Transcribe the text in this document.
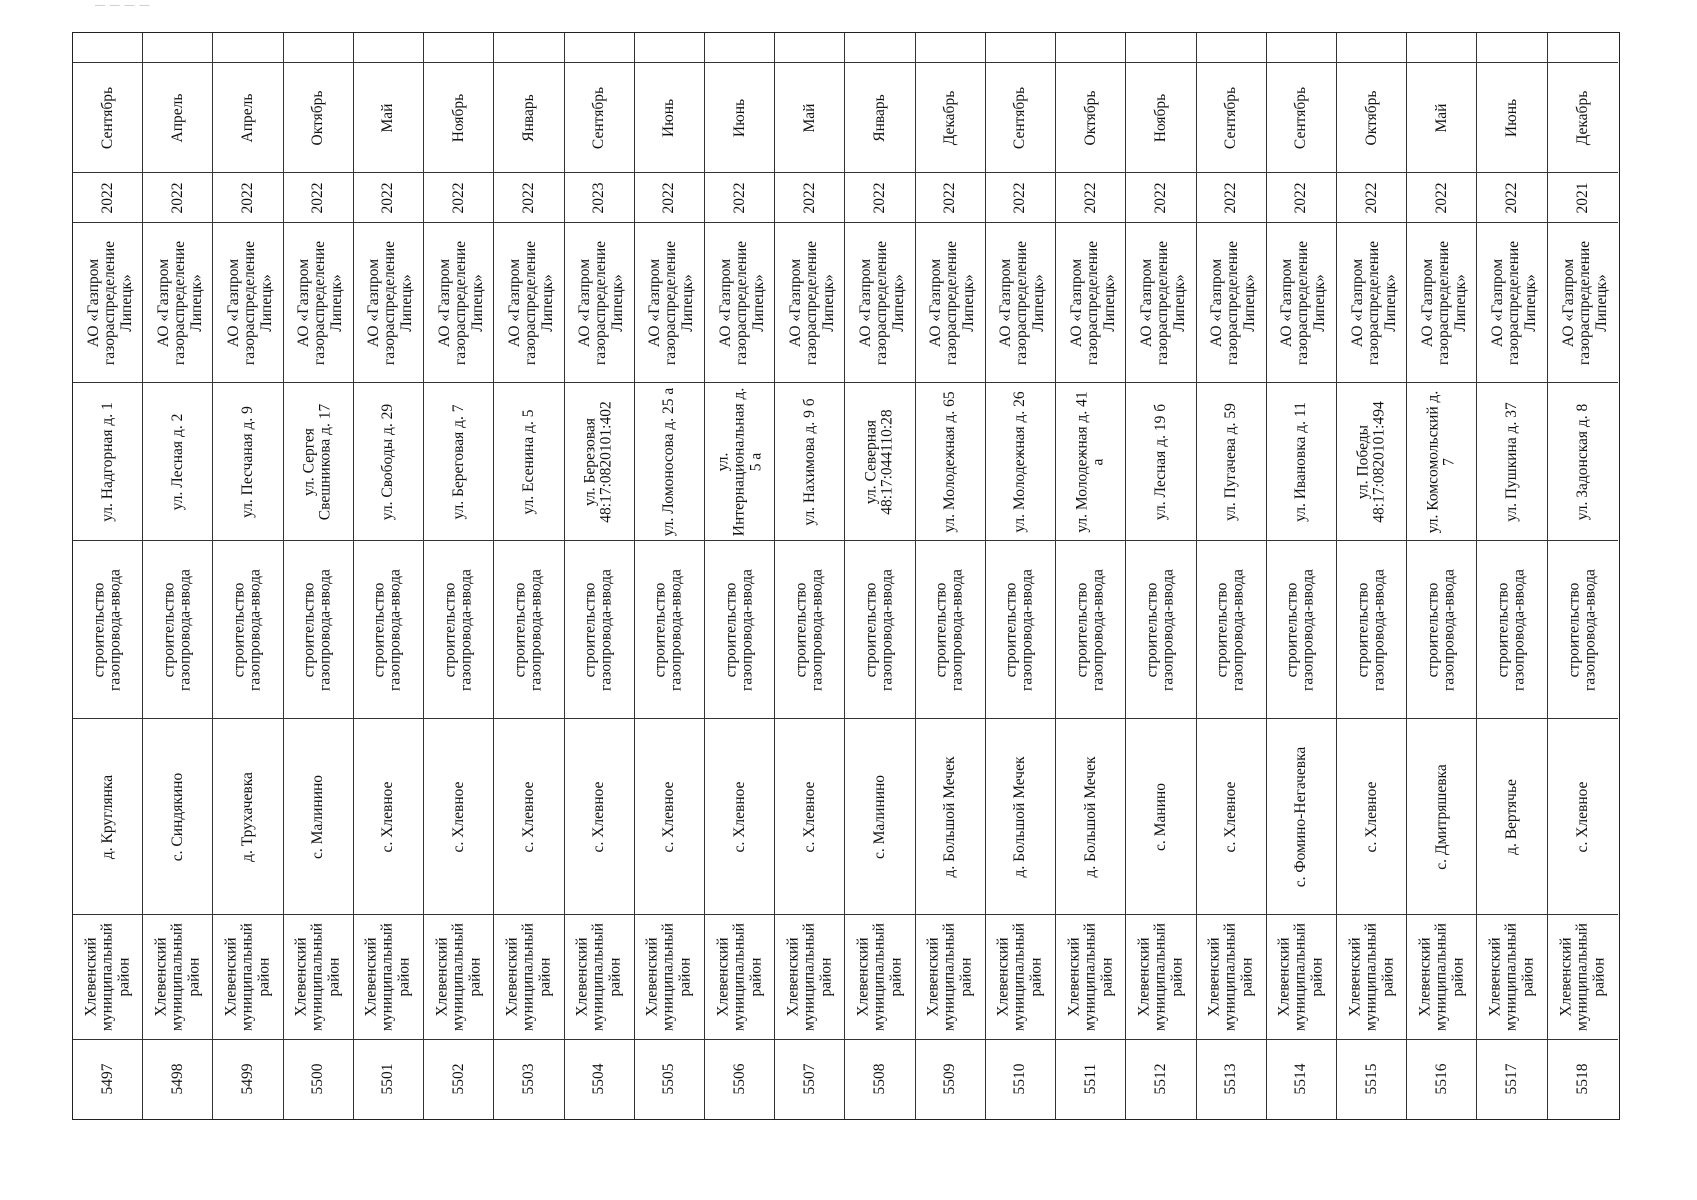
— — — —
Сентябрь
2022
АО «Газпром газораспределение Липецк»
ул. Надгорная д. 1
строительство газопровода-ввода
д. Круглянка
Хлевенский муниципальный район
5497
Апрель
2022
АО «Газпром газораспределение Липецк»
ул. Лесная д. 2
строительство газопровода-ввода
с. Синдякино
Хлевенский муниципальный район
5498
Апрель
2022
АО «Газпром газораспределение Липецк»
ул. Песчаная д. 9
строительство газопровода-ввода
д. Трухачевка
Хлевенский муниципальный район
5499
Октябрь
2022
АО «Газпром газораспределение Липецк»
ул. Сергея Свешникова д. 17
строительство газопровода-ввода
с. Малинино
Хлевенский муниципальный район
5500
Май
2022
АО «Газпром газораспределение Липецк»
ул. Свободы д. 29
строительство газопровода-ввода
с. Хлевное
Хлевенский муниципальный район
5501
Ноябрь
2022
АО «Газпром газораспределение Липецк»
ул. Береговая д. 7
строительство газопровода-ввода
с. Хлевное
Хлевенский муниципальный район
5502
Январь
2022
АО «Газпром газораспределение Липецк»
ул. Есенина д. 5
строительство газопровода-ввода
с. Хлевное
Хлевенский муниципальный район
5503
Сентябрь
2023
АО «Газпром газораспределение Липецк»
ул. Березовая 48:17:0820101:402
строительство газопровода-ввода
с. Хлевное
Хлевенский муниципальный район
5504
Июнь
2022
АО «Газпром газораспределение Липецк»
ул. Ломоносова д. 25 а
строительство газопровода-ввода
с. Хлевное
Хлевенский муниципальный район
5505
Июнь
2022
АО «Газпром газораспределение Липецк»
ул. Интернациональная д. 5 а
строительство газопровода-ввода
с. Хлевное
Хлевенский муниципальный район
5506
Май
2022
АО «Газпром газораспределение Липецк»
ул. Нахимова д. 9 б
строительство газопровода-ввода
с. Хлевное
Хлевенский муниципальный район
5507
Январь
2022
АО «Газпром газораспределение Липецк»
ул. Северная 48:17:044110:28
строительство газопровода-ввода
с. Малинино
Хлевенский муниципальный район
5508
Декабрь
2022
АО «Газпром газораспределение Липецк»
ул. Молодежная д. 65
строительство газопровода-ввода
д. Большой Мечек
Хлевенский муниципальный район
5509
Сентябрь
2022
АО «Газпром газораспределение Липецк»
ул. Молодежная д. 26
строительство газопровода-ввода
д. Большой Мечек
Хлевенский муниципальный район
5510
Октябрь
2022
АО «Газпром газораспределение Липецк»
ул. Молодежная д. 41 а
строительство газопровода-ввода
д. Большой Мечек
Хлевенский муниципальный район
5511
Ноябрь
2022
АО «Газпром газораспределение Липецк»
ул. Лесная д. 19 б
строительство газопровода-ввода
с. Манино
Хлевенский муниципальный район
5512
Сентябрь
2022
АО «Газпром газораспределение Липецк»
ул. Пугачева д. 59
строительство газопровода-ввода
с. Хлевное
Хлевенский муниципальный район
5513
Сентябрь
2022
АО «Газпром газораспределение Липецк»
ул. Ивановка д. 11
строительство газопровода-ввода
с. Фомино-Негачевка
Хлевенский муниципальный район
5514
Октябрь
2022
АО «Газпром газораспределение Липецк»
ул. Победы 48:17:0820101:494
строительство газопровода-ввода
с. Хлевное
Хлевенский муниципальный район
5515
Май
2022
АО «Газпром газораспределение Липецк»
ул. Комсомольский д. 7
строительство газопровода-ввода
с. Дмитряшевка
Хлевенский муниципальный район
5516
Июнь
2022
АО «Газпром газораспределение Липецк»
ул. Пушкина д. 37
строительство газопровода-ввода
д. Вертячье
Хлевенский муниципальный район
5517
Декабрь
2021
АО «Газпром газораспределение Липецк»
ул. Задонская д. 8
строительство газопровода-ввода
с. Хлевное
Хлевенский муниципальный район
5518
